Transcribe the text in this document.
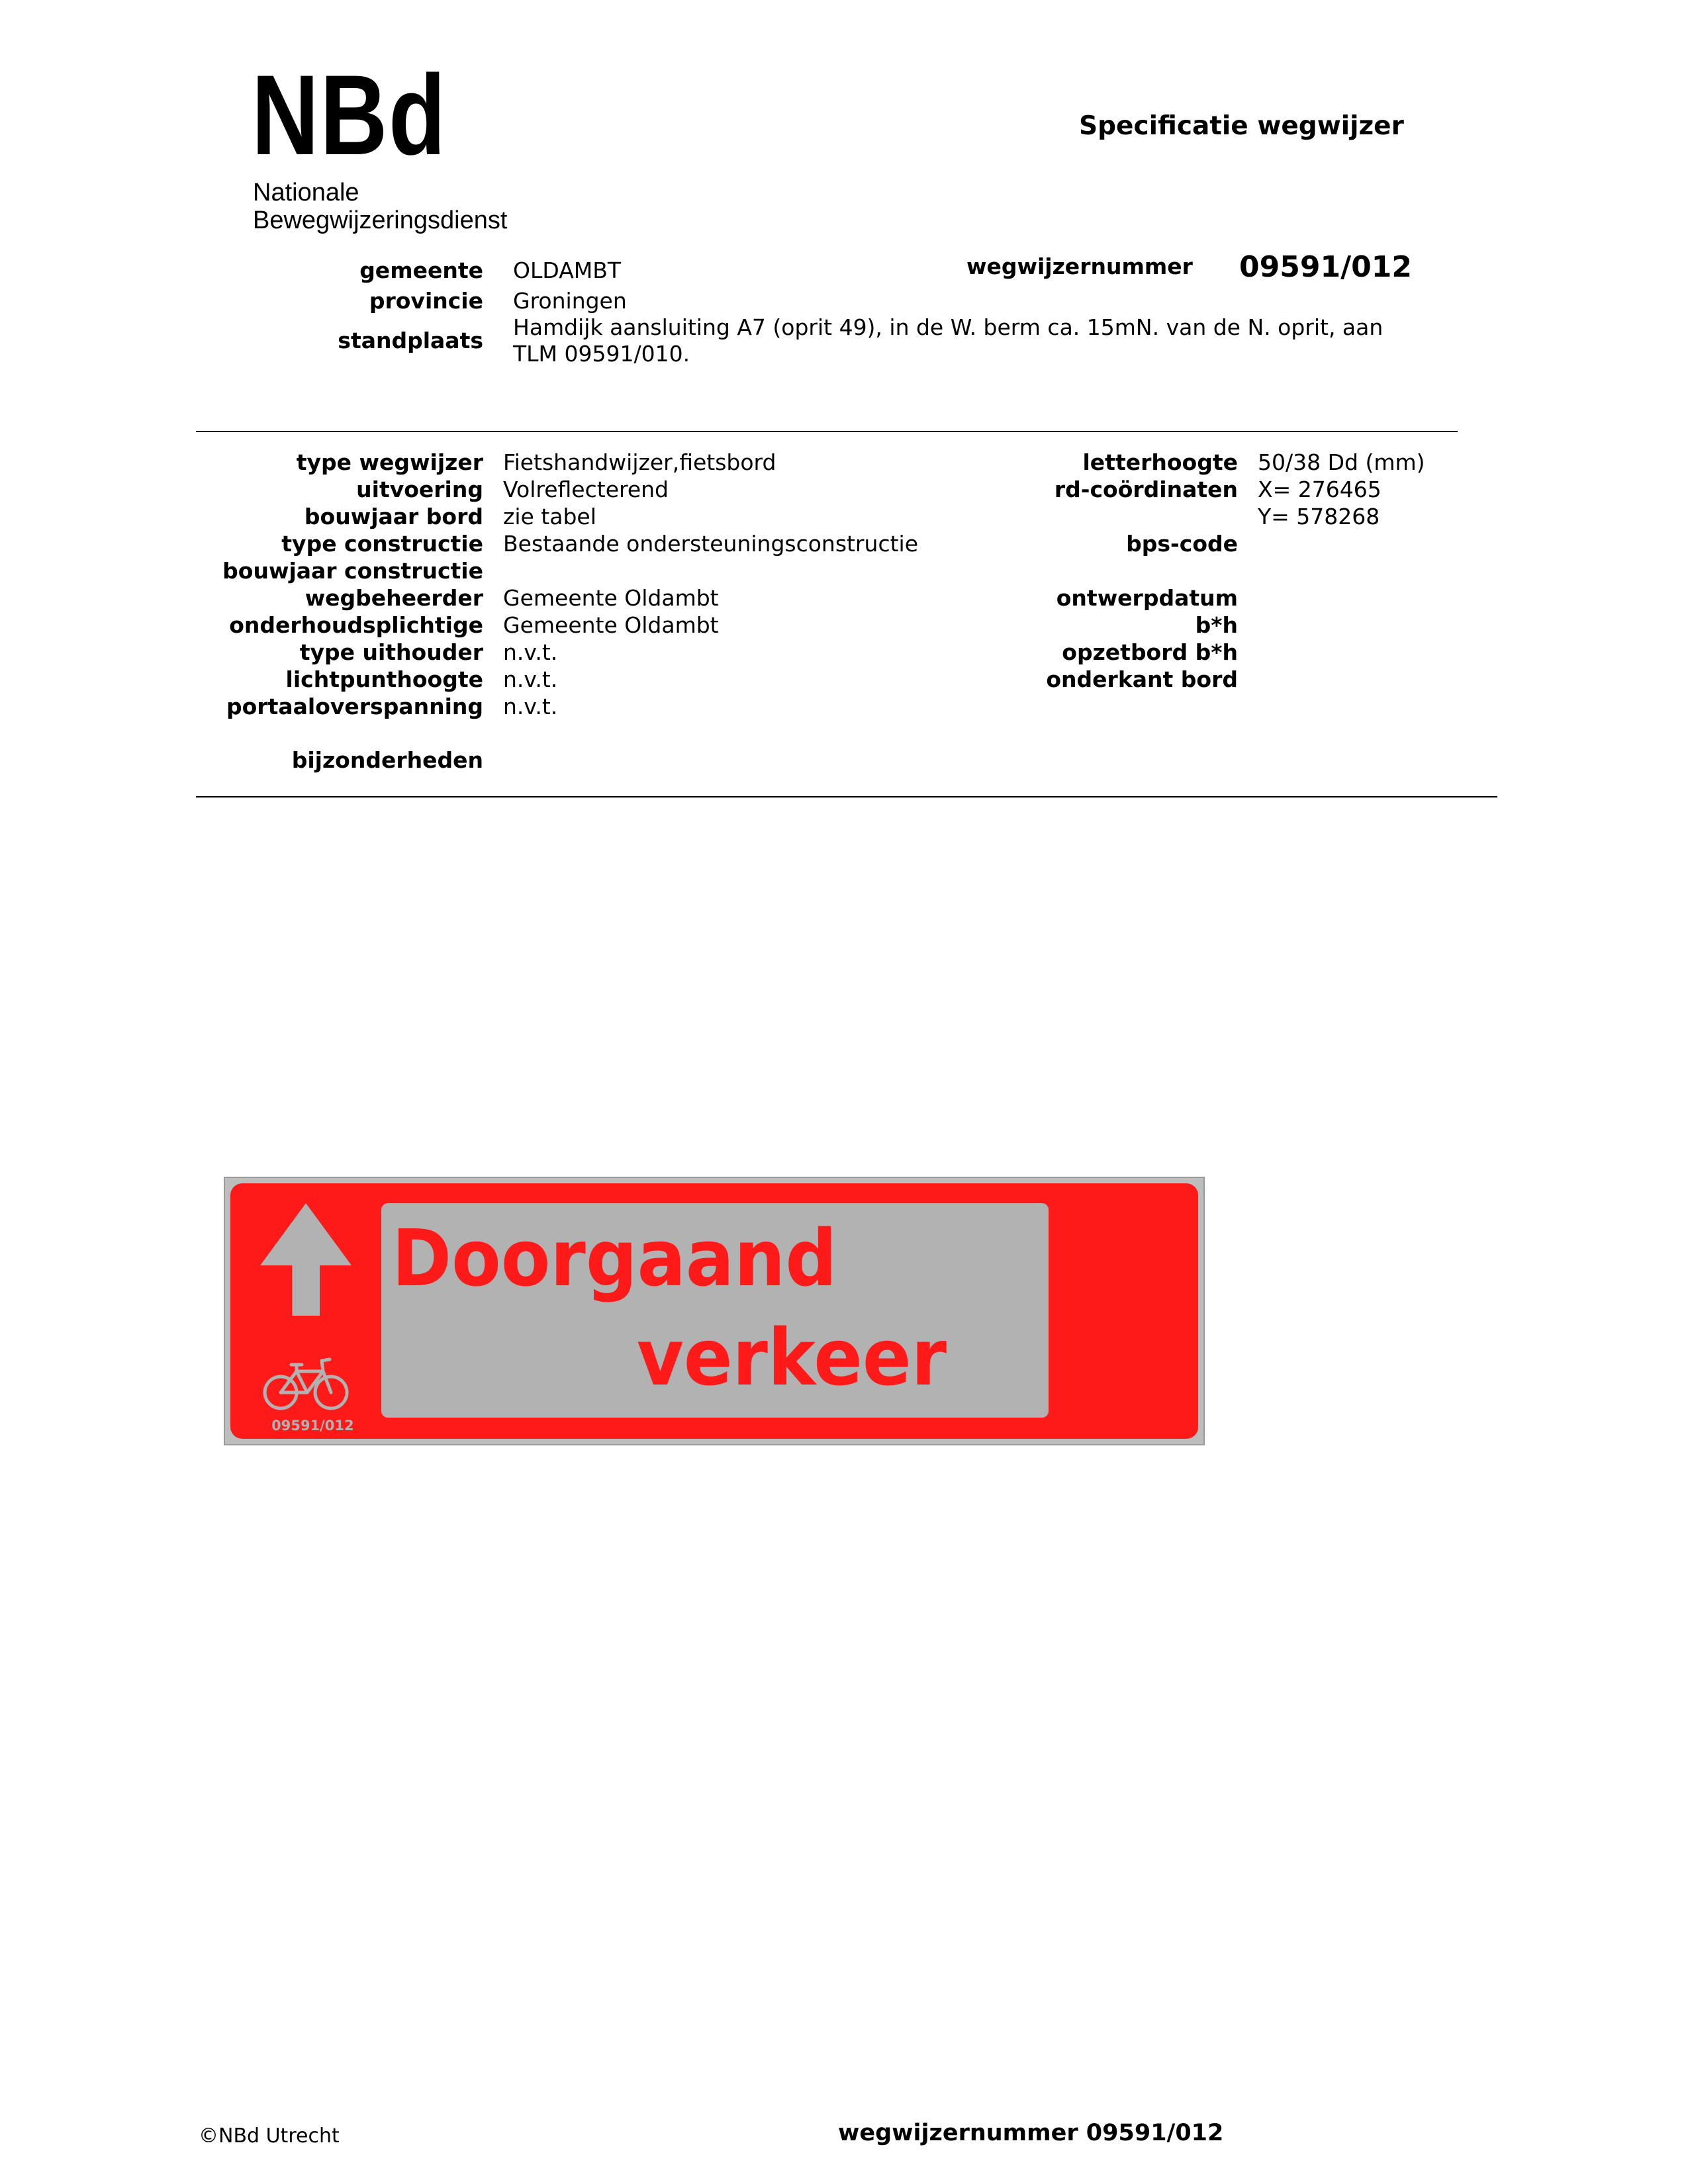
NBd
Nationale
Bewegwijzeringsdienst
Specificatie wegwijzer
gemeente OLDAMBT
provincie Groningen
standplaats
Hamdijk aansluiting A7 (oprit 49), in de W. berm ca. 15mN. van de N. oprit, aan
TLM 09591/010.
wegwijzernummer 09591/012
type wegwijzer Fietshandwijzer,fietsbord
uitvoering Volreflecterend
bouwjaar bord zie tabel
type constructie Bestaande ondersteuningsconstructie
bouwjaar constructie
wegbeheerder Gemeente Oldambt
onderhoudsplichtige Gemeente Oldambt
type uithouder n.v.t.
lichtpunthoogte n.v.t.
portaaloverspanning n.v.t.
letterhoogte 50/38 Dd (mm)
rd-coördinaten X= 276465
Y= 578268
bps-code
ontwerpdatum
b*h
opzetbord b*h
onderkant bord
bijzonderheden
09591/012
Doorgaand
verkeer
©NBd Utrecht	wegwijzernummer 09591/012
